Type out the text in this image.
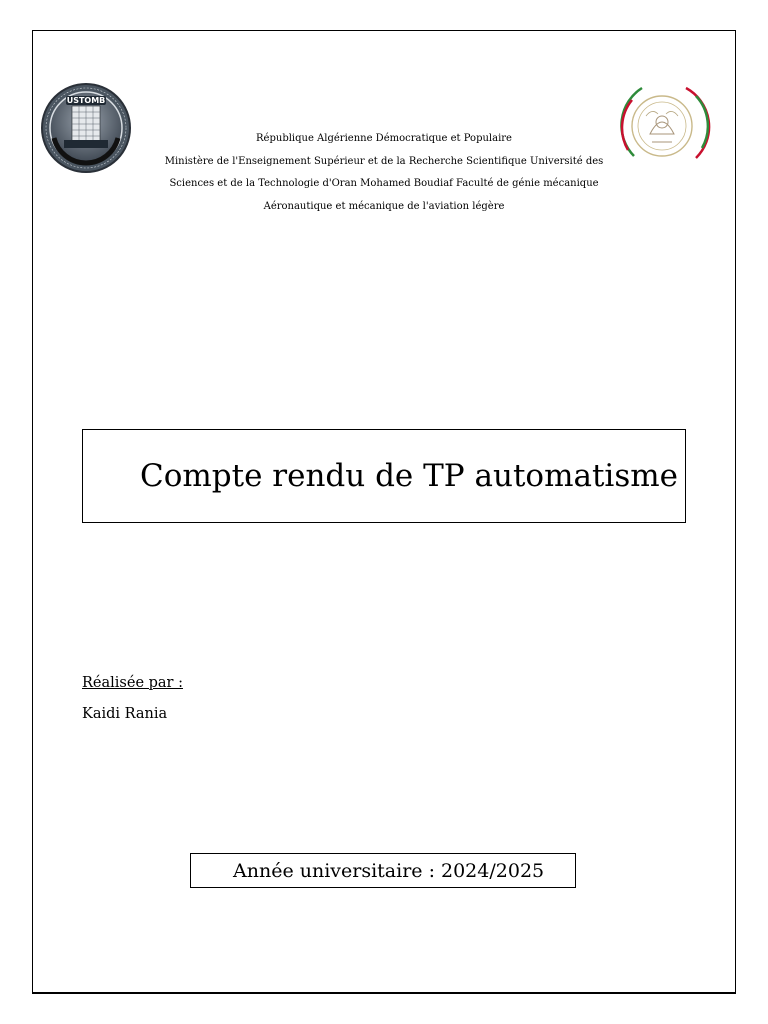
USTOMB

République Algérienne Démocratique et Populaire

Ministère de l'Enseignement Supérieur et de la Recherche Scientifique Université des

Sciences et de la Technologie d'Oran Mohamed Boudiaf Faculté de génie mécanique

Aéronautique et mécanique de l'aviation légère

Compte rendu de TP automatisme
Réalisée par :
Kaidi Rania
Année universitaire : 2024/2025
